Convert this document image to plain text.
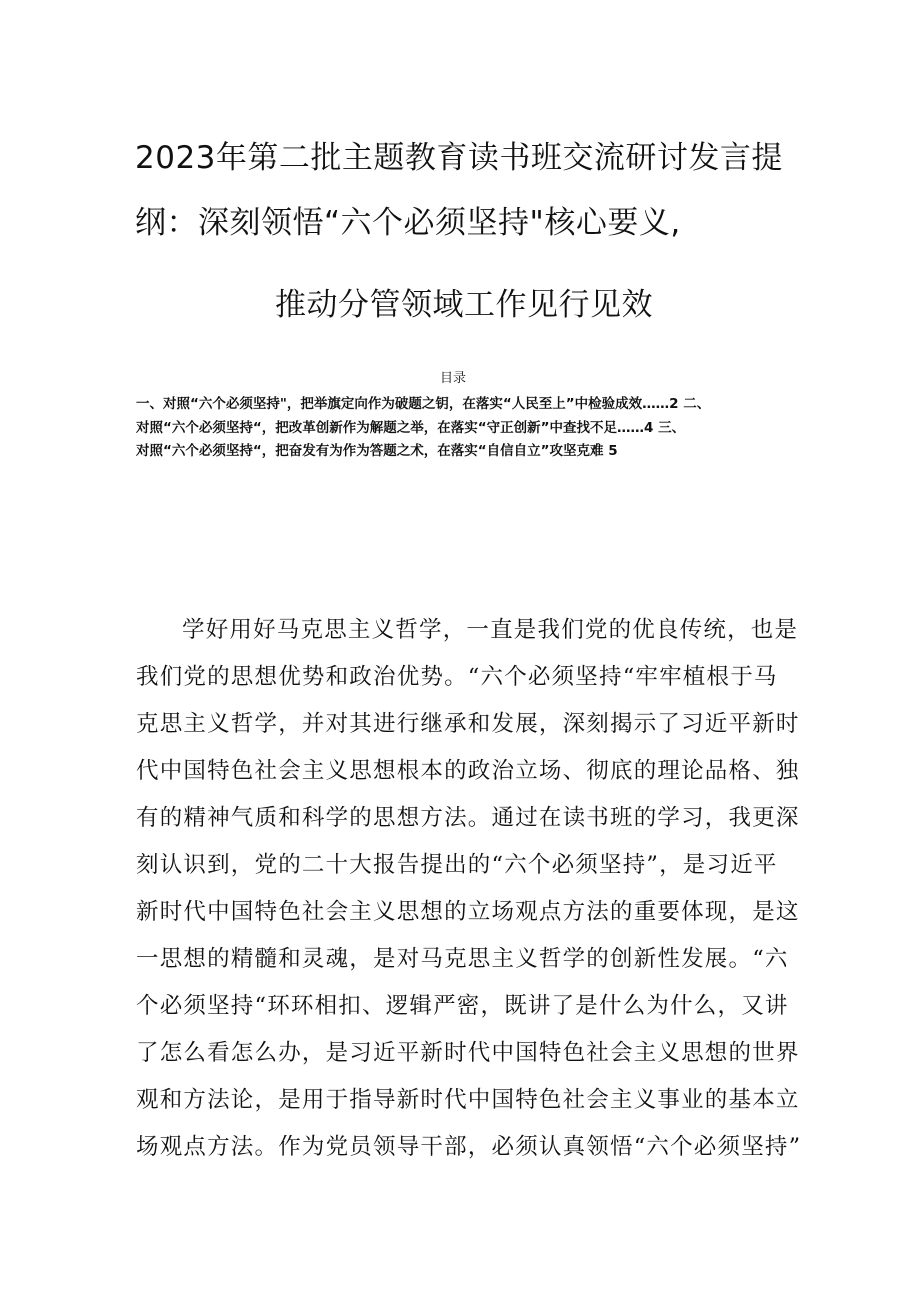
2023年第二批主题教育读书班交流研讨发言提
纲：深刻领悟“六个必须坚持"核心要义,
推动分管领域工作见行见效
目录
一、对照“六个必须坚持"，把举旗定向作为破题之钥，在落实“人民至上”中检验成效……2 二、
对照“六个必须坚持“，把改革创新作为解题之举，在落实“守正创新”中查找不足……4 三、
对照“六个必须坚持“，把奋发有为作为答题之术，在落实“自信自立”攻坚克难 5
学好用好马克思主义哲学，一直是我们党的优良传统，也是
我们党的思想优势和政治优势。“六个必须坚持“牢牢植根于马
克思主义哲学，并对其进行继承和发展，深刻揭示了习近平新时
代中国特色社会主义思想根本的政治立场、彻底的理论品格、独
有的精神气质和科学的思想方法。通过在读书班的学习，我更深
刻认识到，党的二十大报告提出的“六个必须坚持”，是习近平
新时代中国特色社会主义思想的立场观点方法的重要体现，是这
一思想的精髓和灵魂，是对马克思主义哲学的创新性发展。“六
个必须坚持“环环相扣、逻辑严密，既讲了是什么为什么，又讲
了怎么看怎么办，是习近平新时代中国特色社会主义思想的世界
观和方法论，是用于指导新时代中国特色社会主义事业的基本立
场观点方法。作为党员领导干部，必须认真领悟“六个必须坚持”
